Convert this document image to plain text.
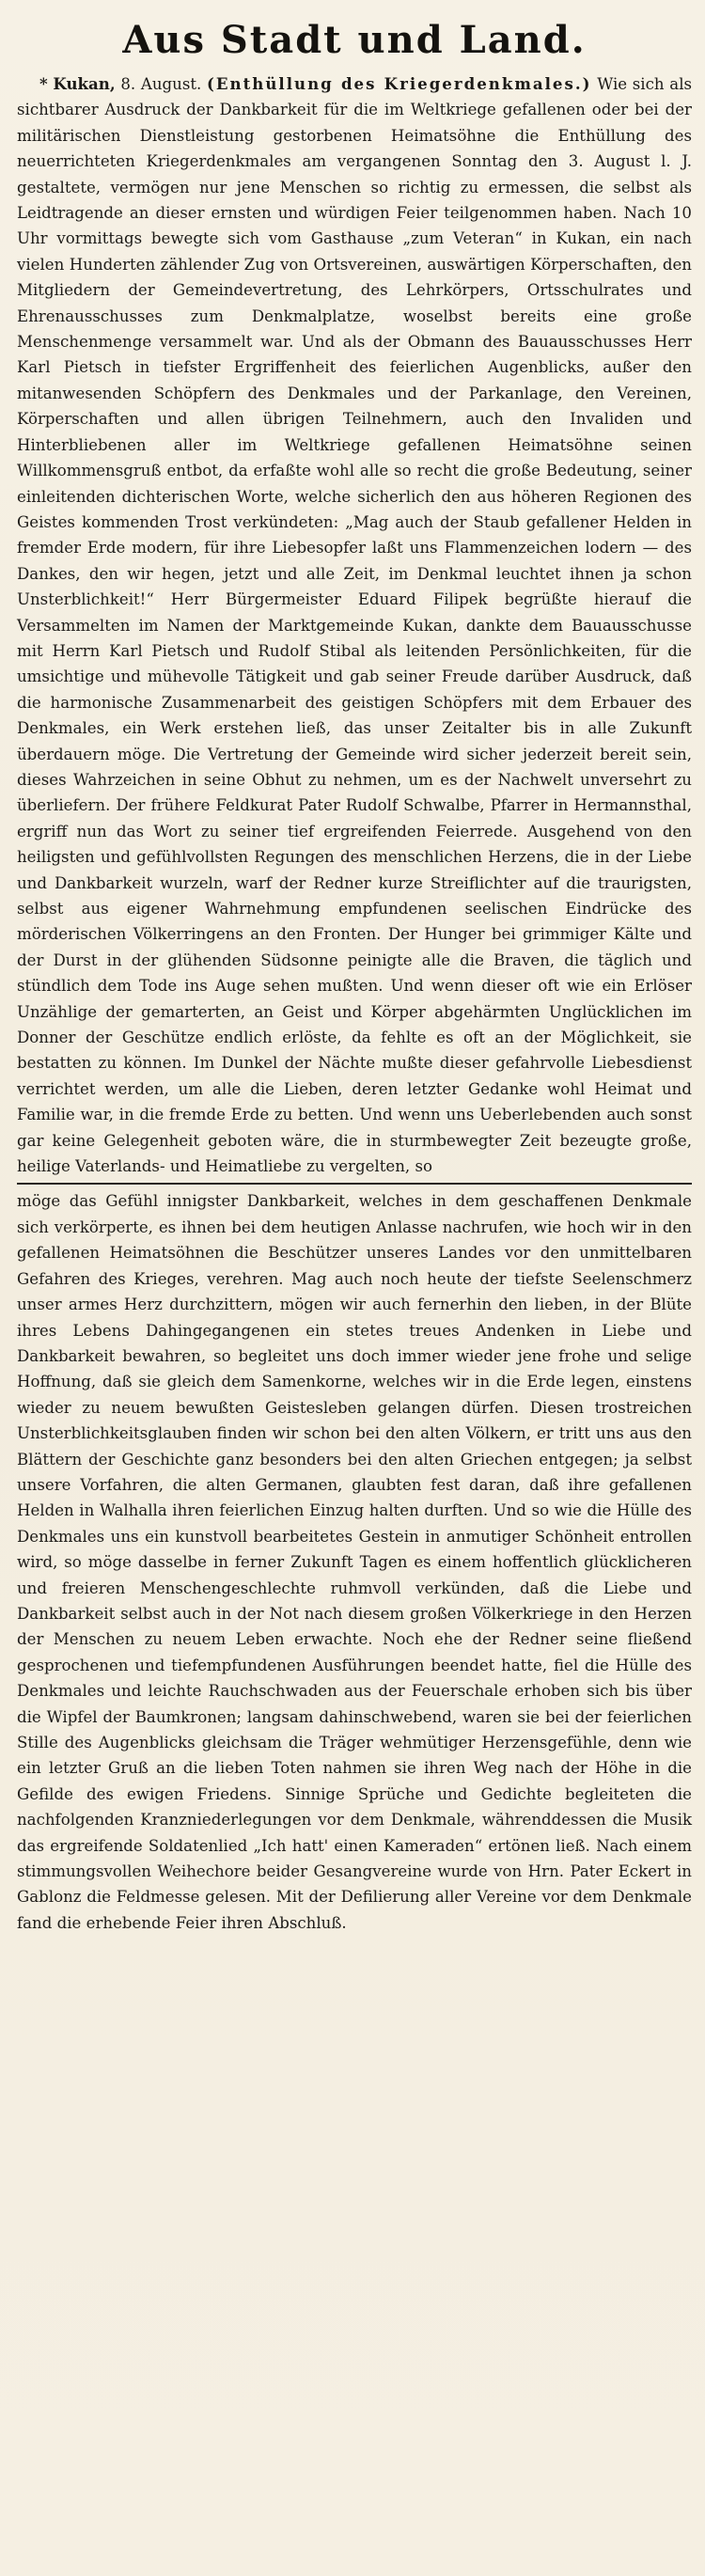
Aus Stadt und Land.

* Kukan, 8. August. (Enthüllung des Kriegerdenkmales.) Wie sich als sichtbarer Ausdruck der Dankbarkeit für die im Weltkriege gefallenen oder bei der militärischen Dienstleistung gestorbenen Heimatsöhne die Enthüllung des neuerrichteten Kriegerdenkmales am vergangenen Sonntag den 3. August l. J. gestaltete, vermögen nur jene Menschen so richtig zu ermessen, die selbst als Leidtragende an dieser ernsten und würdigen Feier teilgenommen haben. Nach 10 Uhr vormittags bewegte sich vom Gasthause „zum Veteran“ in Kukan, ein nach vielen Hunderten zählender Zug von Ortsvereinen, auswärtigen Körperschaften, den Mitgliedern der Gemeindevertretung, des Lehrkörpers, Ortsschulrates und Ehrenausschusses zum Denkmalplatze, woselbst bereits eine große Menschenmenge versammelt war. Und als der Obmann des Bauausschusses Herr Karl Pietsch in tiefster Ergriffenheit des feierlichen Augenblicks, außer den mitanwesenden Schöpfern des Denkmales und der Parkanlage, den Vereinen, Körperschaften und allen übrigen Teilnehmern, auch den Invaliden und Hinterbliebenen aller im Weltkriege gefallenen Heimatsöhne seinen Willkommensgruß entbot, da erfaßte wohl alle so recht die große Bedeutung, seiner einleitenden dichterischen Worte, welche sicherlich den aus höheren Regionen des Geistes kommenden Trost verkündeten: „Mag auch der Staub gefallener Helden in fremder Erde modern, für ihre Liebesopfer laßt uns Flammenzeichen lodern — des Dankes, den wir hegen, jetzt und alle Zeit, im Denkmal leuchtet ihnen ja schon Unsterblichkeit!“ Herr Bürgermeister Eduard Filipek begrüßte hierauf die Versammelten im Namen der Marktgemeinde Kukan, dankte dem Bauausschusse mit Herrn Karl Pietsch und Rudolf Stibal als leitenden Persönlichkeiten, für die umsichtige und mühevolle Tätigkeit und gab seiner Freude darüber Ausdruck, daß die harmonische Zusammenarbeit des geistigen Schöpfers mit dem Erbauer des Denkmales, ein Werk erstehen ließ, das unser Zeitalter bis in alle Zukunft überdauern möge. Die Vertretung der Gemeinde wird sicher jederzeit bereit sein, dieses Wahrzeichen in seine Obhut zu nehmen, um es der Nachwelt unversehrt zu überliefern. Der frühere Feldkurat Pater Rudolf Schwalbe, Pfarrer in Hermannsthal, ergriff nun das Wort zu seiner tief ergreifenden Feierrede. Ausgehend von den heiligsten und gefühlvollsten Regungen des menschlichen Herzens, die in der Liebe und Dankbarkeit wurzeln, warf der Redner kurze Streiflichter auf die traurigsten, selbst aus eigener Wahrnehmung empfundenen seelischen Eindrücke des mörderischen Völkerringens an den Fronten. Der Hunger bei grimmiger Kälte und der Durst in der glühenden Südsonne peinigte alle die Braven, die täglich und stündlich dem Tode ins Auge sehen mußten. Und wenn dieser oft wie ein Erlöser Unzählige der gemarterten, an Geist und Körper abgehärmten Unglücklichen im Donner der Geschütze endlich erlöste, da fehlte es oft an der Möglichkeit, sie bestatten zu können. Im Dunkel der Nächte mußte dieser gefahrvolle Liebesdienst verrichtet werden, um alle die Lieben, deren letzter Gedanke wohl Heimat und Familie war, in die fremde Erde zu betten. Und wenn uns Ueberlebenden auch sonst gar keine Gelegenheit geboten wäre, die in sturmbewegter Zeit bezeugte große, heilige Vaterlands- und Heimatliebe zu vergelten, so

möge das Gefühl innigster Dankbarkeit, welches in dem geschaffenen Denkmale sich verkörperte, es ihnen bei dem heutigen Anlasse nachrufen, wie hoch wir in den gefallenen Heimatsöhnen die Beschützer unseres Landes vor den unmittelbaren Gefahren des Krieges, verehren. Mag auch noch heute der tiefste Seelenschmerz unser armes Herz durchzittern, mögen wir auch fernerhin den lieben, in der Blüte ihres Lebens Dahingegangenen ein stetes treues Andenken in Liebe und Dankbarkeit bewahren, so begleitet uns doch immer wieder jene frohe und selige Hoffnung, daß sie gleich dem Samenkorne, welches wir in die Erde legen, einstens wieder zu neuem bewußten Geistesleben gelangen dürfen. Diesen trostreichen Unsterblichkeitsglauben finden wir schon bei den alten Völkern, er tritt uns aus den Blättern der Geschichte ganz besonders bei den alten Griechen entgegen; ja selbst unsere Vorfahren, die alten Germanen, glaubten fest daran, daß ihre gefallenen Helden in Walhalla ihren feierlichen Einzug halten durften. Und so wie die Hülle des Denkmales uns ein kunstvoll bearbeitetes Gestein in anmutiger Schönheit entrollen wird, so möge dasselbe in ferner Zukunft Tagen es einem hoffentlich glücklicheren und freieren Menschengeschlechte ruhmvoll verkünden, daß die Liebe und Dankbarkeit selbst auch in der Not nach diesem großen Völkerkriege in den Herzen der Menschen zu neuem Leben erwachte. Noch ehe der Redner seine fließend gesprochenen und tiefempfundenen Ausführungen beendet hatte, fiel die Hülle des Denkmales und leichte Rauchschwaden aus der Feuerschale erhoben sich bis über die Wipfel der Baumkronen; langsam dahinschwebend, waren sie bei der feierlichen Stille des Augenblicks gleichsam die Träger wehmütiger Herzensgefühle, denn wie ein letzter Gruß an die lieben Toten nahmen sie ihren Weg nach der Höhe in die Gefilde des ewigen Friedens. Sinnige Sprüche und Gedichte begleiteten die nachfolgenden Kranzniederlegungen vor dem Denkmale, währenddessen die Musik das ergreifende Soldatenlied „Ich hatt' einen Kameraden“ ertönen ließ. Nach einem stimmungsvollen Weihechore beider Gesangvereine wurde von Hrn. Pater Eckert in Gablonz die Feldmesse gelesen. Mit der Defilierung aller Vereine vor dem Denkmale fand die erhebende Feier ihren Abschluß.
